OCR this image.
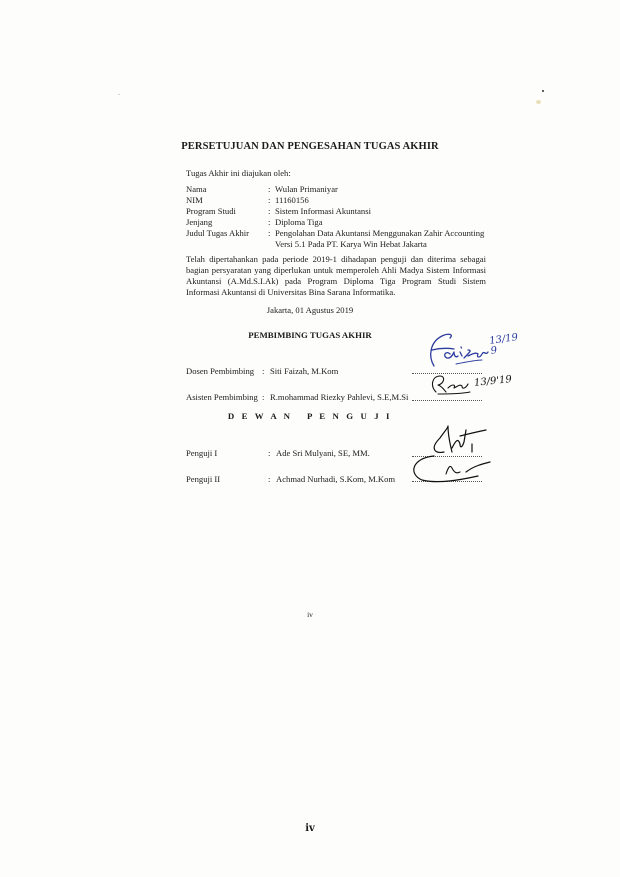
PERSETUJUAN DAN PENGESAHAN TUGAS AKHIR
Tugas Akhir ini diajukan oleh:
Nama	: Wulan Primaniyar
NIM	: 11160156
Program Studi	: Sistem Informasi Akuntansi
Jenjang	: Diploma Tiga
Judul Tugas Akhir : Pengolahan Data Akuntansi Menggunakan Zahir Accounting
Versi 5.1 Pada PT. Karya Win Hebat Jakarta
Telah dipertahankan pada periode 2019-1 dihadapan penguji dan diterima sebagai bagian persyaratan yang diperlukan untuk memperoleh Ahli Madya Sistem Informasi Akuntansi (A.Md.S.I.Ak) pada Program Diploma Tiga Program Studi Sistem Informasi Akuntansi di Universitas Bina Sarana Informatika.
Jakarta, 01 Agustus 2019
PEMBIMBING TUGAS AKHIR
Dosen Pembimbing : Siti Faizah, M.Kom
Asisten Pembimbing : R.mohammad Riezky Pahlevi, S.E,M.Si
D E W A N   P E N G U J I
Penguji I	: Ade Sri Mulyani, SE, MM.
Penguji II	: Achmad Nurhadi, S.Kom, M.Kom
13/19
9
13/9'19
iv
iv
